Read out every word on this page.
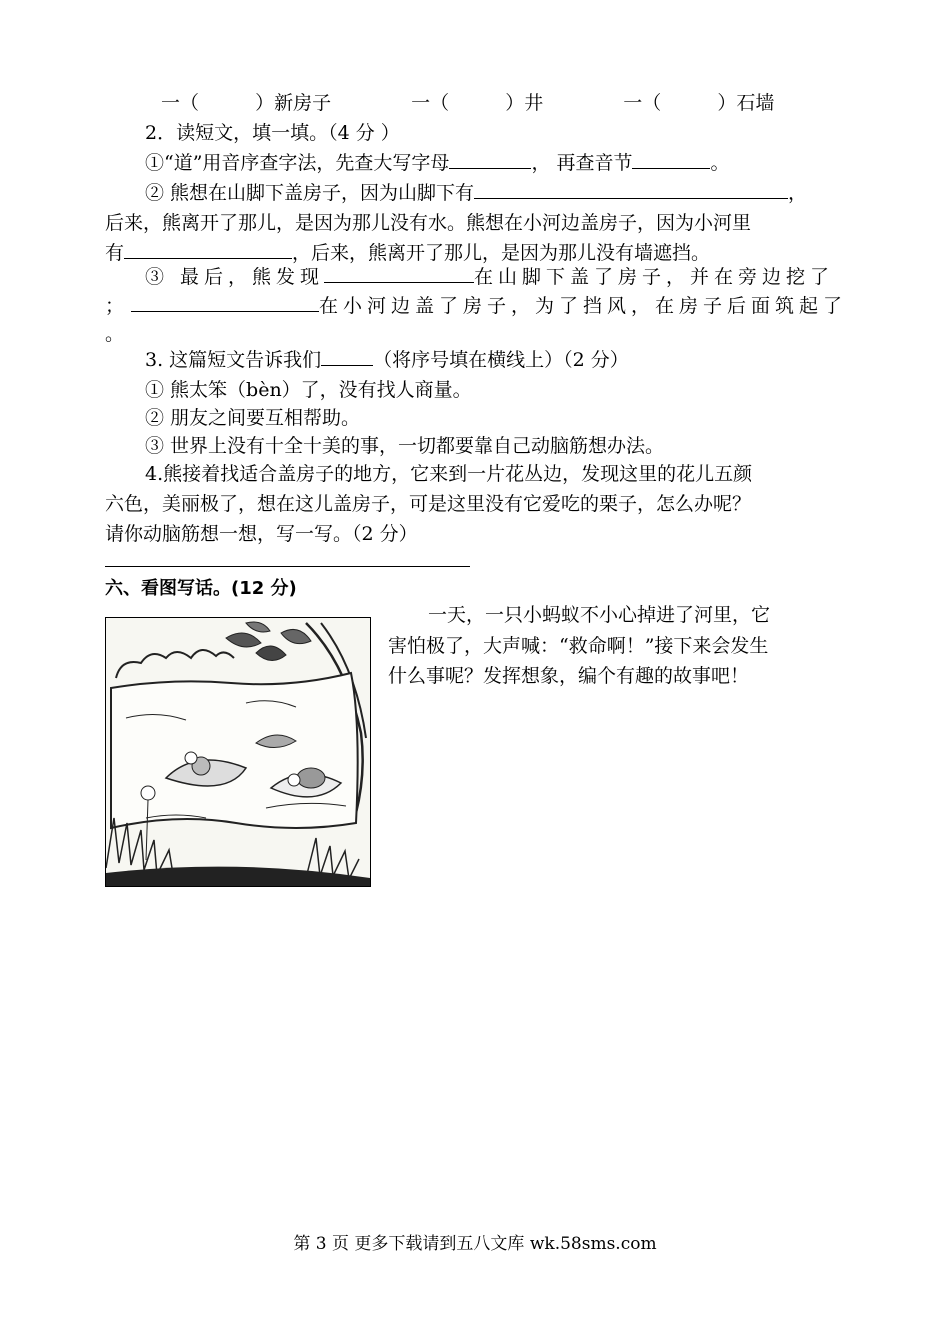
一（	）新房子	一（	）井	一（	）石墙
2．读短文，填一填。（4 分 ）
①“道”用音序查字法，先查大写字母	， 再查音节	。
② 熊想在山脚下盖房子，因为山脚下有	，
后来，熊离开了那儿，是因为那儿没有水。熊想在小河边盖房子，因为小河里
有	，后来，熊离开了那儿，是因为那儿没有墙遮挡。
③ 最后，熊发现	在山脚下盖了房子，并在旁边挖了
；	在小河边盖了房子，为了挡风，在房子后面筑起了
。
3. 这篇短文告诉我们	（将序号填在横线上）（2 分）
① 熊太笨（bèn）了，没有找人商量。
② 朋友之间要互相帮助。
③ 世界上没有十全十美的事，一切都要靠自己动脑筋想办法。
4.熊接着找适合盖房子的地方，它来到一片花丛边，发现这里的花儿五颜
六色，美丽极了，想在这儿盖房子，可是这里没有它爱吃的栗子，怎么办呢？
请你动脑筋想一想，写一写。（2 分）
六、看图写话。(12 分)
一天，一只小蚂蚁不小心掉进了河里，它
害怕极了，大声喊：“救命啊！”接下来会发生
什么事呢？发挥想象，编个有趣的故事吧！
第 3 页 更多下载请到五八文库 wk.58sms.com
